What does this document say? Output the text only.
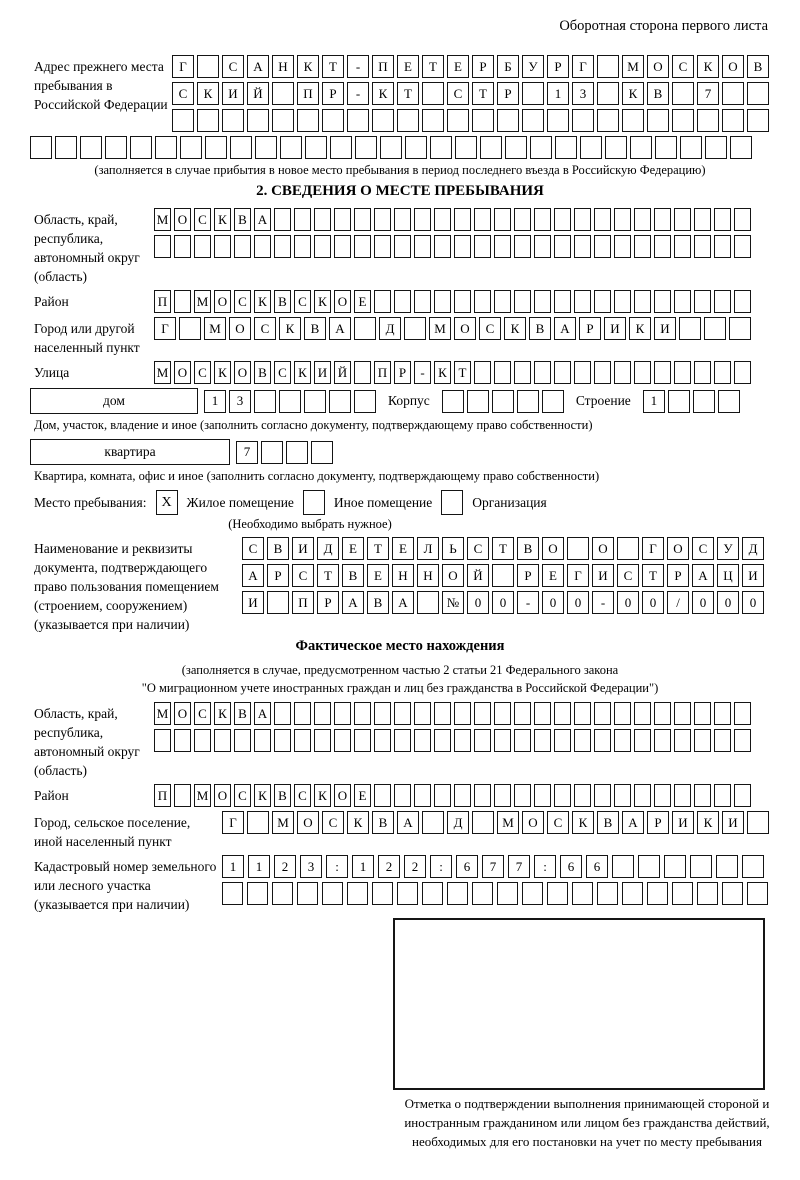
Оборотная сторона первого листа
Адрес прежнего места пребывания в Российской Федерации
Г	С	А	Н	К	Т	-	П	Е	Т	Е	Р	Б	У	Р	Г	М	О	С	К	О	В
С	К	И	Й	П	Р	-	К	Т	С	Т	Р	1	3	К	В	7
(заполняется в случае прибытия в новое место пребывания в период последнего въезда в Российскую Федерацию)
2. СВЕДЕНИЯ О МЕСТЕ ПРЕБЫВАНИЯ
Область, край, республика, автономный округ (область)
М О С К В А
Район	П М О С К В С К О Е
Город или другой населенный пункт
Г	М	О	С	К	В	А	Д	М	О	С	К	В	А	Р	И	К	И
Улица	М О С К О В С К И Й П Р	-	К Т
дом	1	3	Корпус	Строение	1
Дом, участок, владение и иное (заполнить согласно документу, подтверждающему право собственности)
квартира	7
Квартира, комната, офис и иное (заполнить согласно документу, подтверждающему право собственности)
Место пребывания:	X	Жилое помещение	Иное помещение	Организация
(Необходимо выбрать нужное)
Наименование и реквизиты документа, подтверждающего право пользования помещением (строением, сооружением) (указывается при наличии)
С	В	И	Д	Е	Т	Е	Л	Ь	С	Т	В	О	О	Г	О	С	У	Д
А	Р	С	Т	В	Е	Н	Н	О	Й	Р	Е	Г	И	С	Т	Р	А	Ц	И
И	П	Р	А	В	А	№	0	0	-	0	0	-	0	0	/	0	0	0
Фактическое место нахождения
(заполняется в случае, предусмотренном частью 2 статьи 21 Федерального закона
"О миграционном учете иностранных граждан и лиц без гражданства в Российской Федерации")
Область, край, республика, автономный округ (область)
М О С К В А
Район	П М О С К В С К О Е
Город, сельское поселение, иной населенный пункт
Г	М	О	С	К	В	А	Д	М	О	С	К	В	А	Р	И	К	И
Кадастровый номер земельного или лесного участка (указывается при наличии)
1	1	2	3	:	1	2	2	:	6	7	7	:	6	6
Отметка о подтверждении выполнения принимающей стороной и иностранным гражданином или лицом без гражданства действий, необходимых для его постановки на учет по месту пребывания
